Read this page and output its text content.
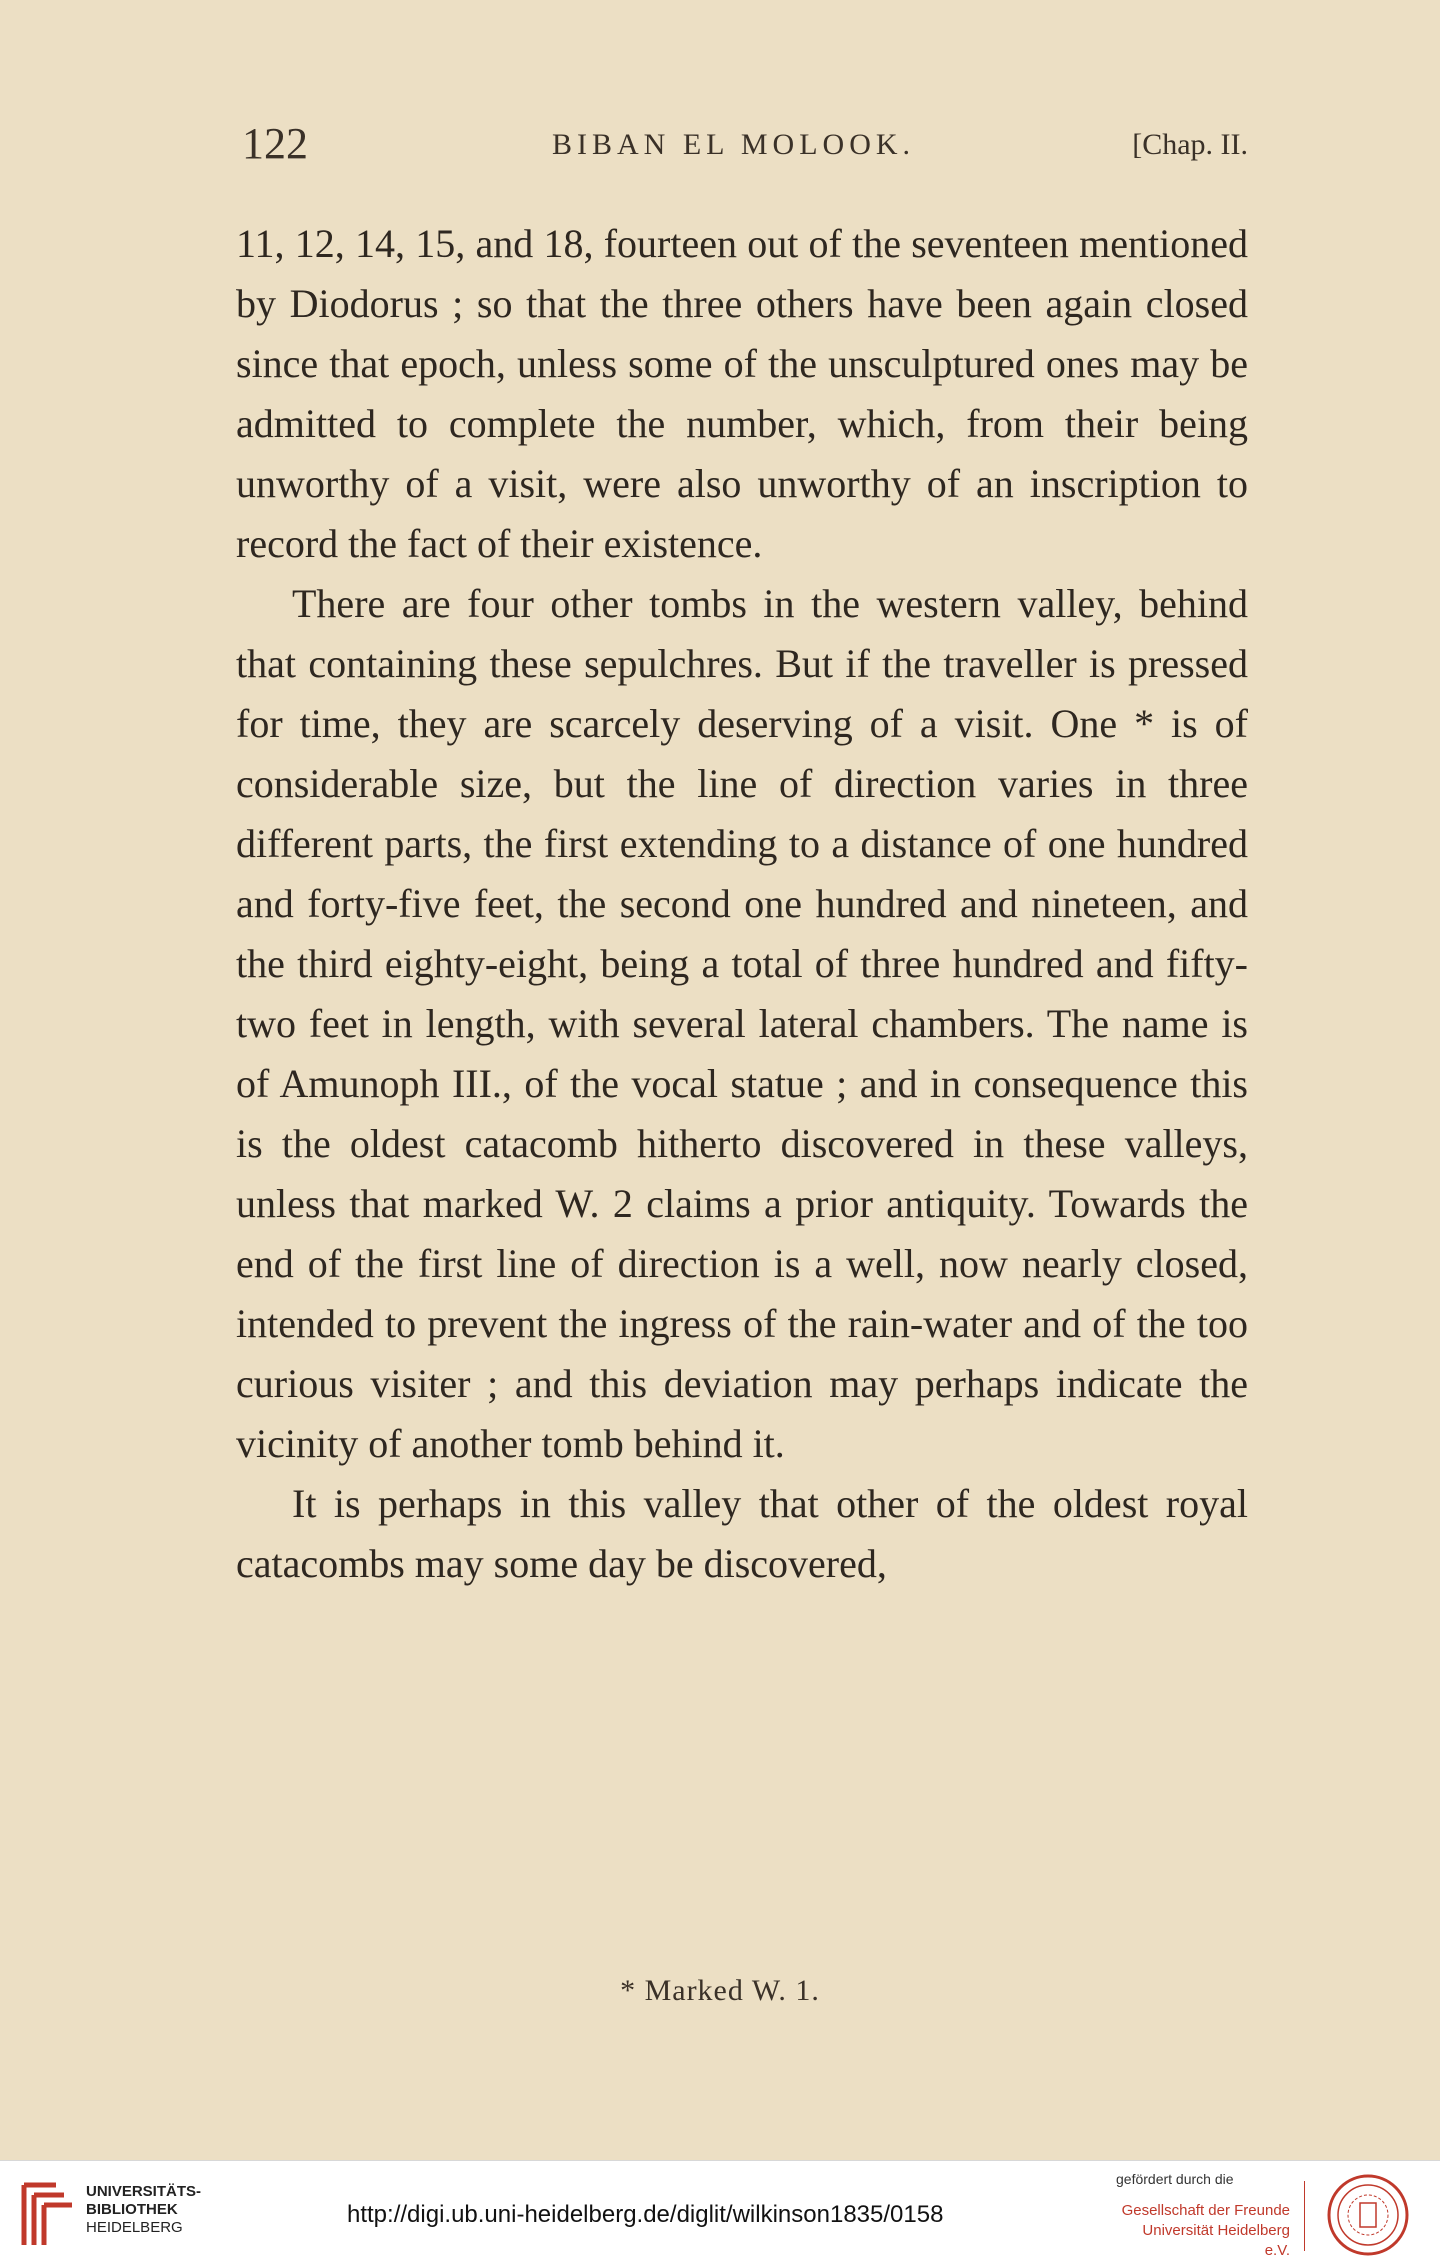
122	BIBAN EL MOLOOK.	[Chap. II.

11, 12, 14, 15, and 18, fourteen out of the seventeen mentioned by Diodorus ; so that the three others have been again closed since that epoch, unless some of the unsculptured ones may be admitted to complete the number, which, from their being unworthy of a visit, were also unworthy of an inscription to record the fact of their existence.

There are four other tombs in the western valley, behind that containing these sepulchres. But if the traveller is pressed for time, they are scarcely deserving of a visit. One * is of considerable size, but the line of direction varies in three different parts, the first extending to a distance of one hundred and forty-five feet, the second one hundred and nineteen, and the third eighty-eight, being a total of three hundred and fifty-two feet in length, with several lateral chambers. The name is of Amunoph III., of the vocal statue ; and in consequence this is the oldest catacomb hitherto discovered in these valleys, unless that marked W. 2 claims a prior antiquity. Towards the end of the first line of direction is a well, now nearly closed, intended to prevent the ingress of the rain-water and of the too curious visiter ; and this deviation may perhaps indicate the vicinity of another tomb behind it.

It is perhaps in this valley that other of the oldest royal catacombs may some day be discovered,

* Marked W. 1.
UNIVERSITÄTS-
BIBLIOTHEK
HEIDELBERG	http://digi.ub.uni-heidelberg.de/diglit/wilkinson1835/0158
gefördert durch die
Gesellschaft der Freunde
Universität Heidelberg e.V.
